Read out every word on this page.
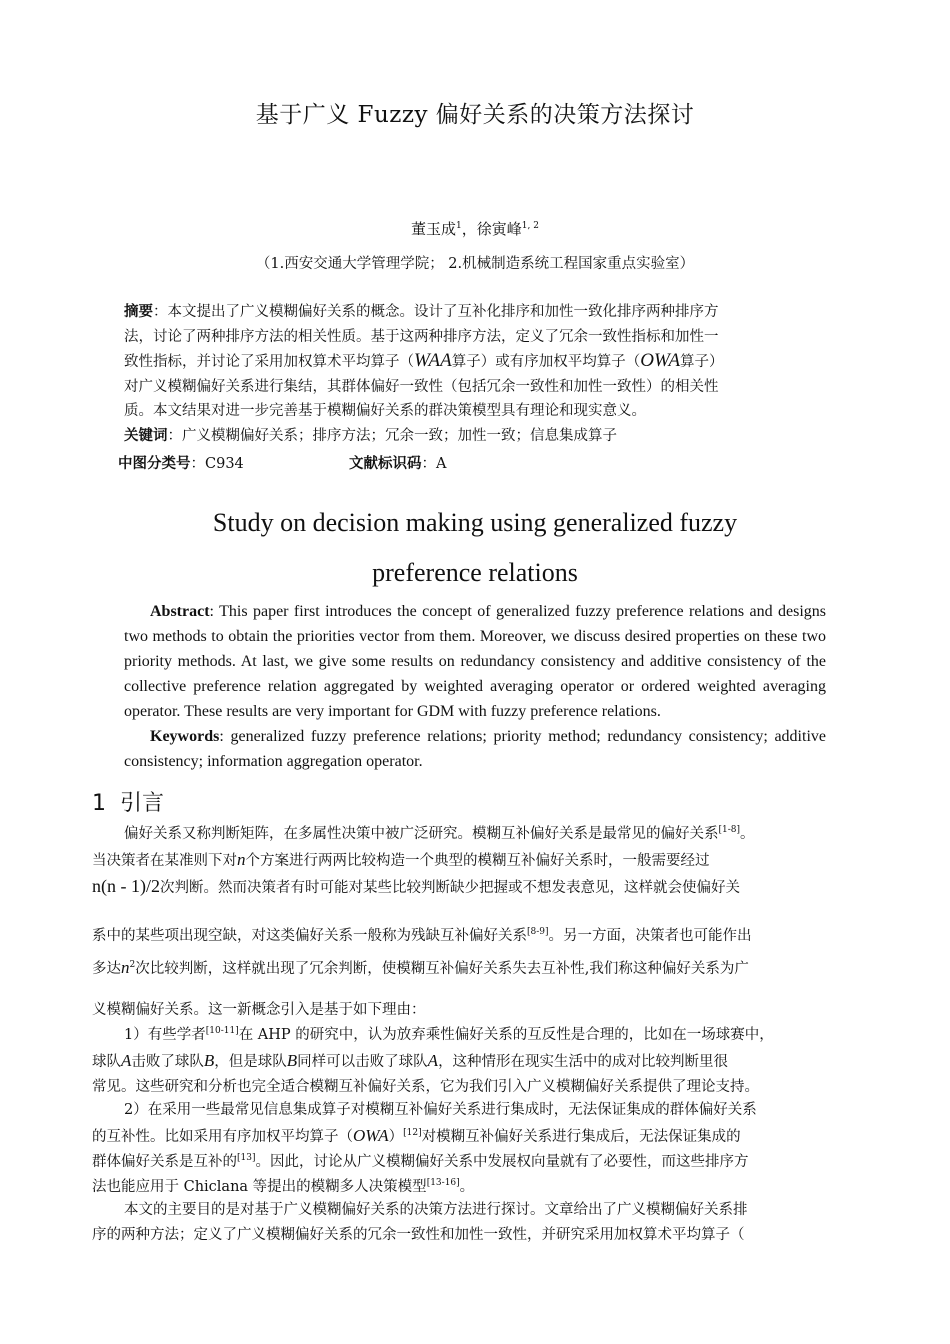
基于广义 Fuzzy 偏好关系的决策方法探讨
董玉成$^1$，徐寅峰$^{1, 2}$
（1.西安交通大学管理学院； 2.机械制造系统工程国家重点实验室）
摘要：本文提出了广义模糊偏好关系的概念。设计了互补化排序和加性一致化排序两种排序方
法，讨论了两种排序方法的相关性质。基于这两种排序方法，定义了冗余一致性指标和加性一
致性指标，并讨论了采用加权算术平均算子（WAA算子）或有序加权平均算子（OWA算子）
对广义模糊偏好关系进行集结，其群体偏好一致性（包括冗余一致性和加性一致性）的相关性
质。本文结果对进一步完善基于模糊偏好关系的群决策模型具有理论和现实意义。
关键词：广义模糊偏好关系；排序方法；冗余一致；加性一致；信息集成算子
中图分类号：C934	文献标识码：A
Study on decision making using generalized fuzzy
preference relations

Abstract: This paper first introduces the concept of generalized fuzzy preference relations and designs two methods to obtain the priorities vector from them. Moreover, we discuss desired properties on these two priority methods. At last, we give some results on redundancy consistency and additive consistency of the collective preference relation aggregated by weighted averaging operator or ordered weighted averaging operator. These results are very important for GDM with fuzzy preference relations.

Keywords: generalized fuzzy preference relations; priority method; redundancy consistency; additive consistency; information aggregation operator.

1 引言
偏好关系又称判断矩阵，在多属性决策中被广泛研究。模糊互补偏好关系是最常见的偏好关系[1-8]。
当决策者在某准则下对n个方案进行两两比较构造一个典型的模糊互补偏好关系时，一般需要经过
n(n - 1)/2次判断。然而决策者有时可能对某些比较判断缺少把握或不想发表意见，这样就会使偏好关
系中的某些项出现空缺，对这类偏好关系一般称为残缺互补偏好关系[8-9]。另一方面，决策者也可能作出
多达n$^2$次比较判断，这样就出现了冗余判断，使模糊互补偏好关系失去互补性,我们称这种偏好关系为广
义模糊偏好关系。这一新概念引入是基于如下理由：
1）有些学者[10-11]在 AHP 的研究中，认为放弃乘性偏好关系的互反性是合理的，比如在一场球赛中，
球队A击败了球队B，但是球队B同样可以击败了球队A，这种情形在现实生活中的成对比较判断里很
常见。这些研究和分析也完全适合模糊互补偏好关系，它为我们引入广义模糊偏好关系提供了理论支持。
2）在采用一些最常见信息集成算子对模糊互补偏好关系进行集成时，无法保证集成的群体偏好关系
的互补性。比如采用有序加权平均算子（OWA）[12]对模糊互补偏好关系进行集成后，无法保证集成的
群体偏好关系是互补的[13]。因此，讨论从广义模糊偏好关系中发展权向量就有了必要性，而这些排序方
法也能应用于 Chiclana 等提出的模糊多人决策模型[13-16]。
本文的主要目的是对基于广义模糊偏好关系的决策方法进行探讨。文章给出了广义模糊偏好关系排
序的两种方法；定义了广义模糊偏好关系的冗余一致性和加性一致性，并研究采用加权算术平均算子（
